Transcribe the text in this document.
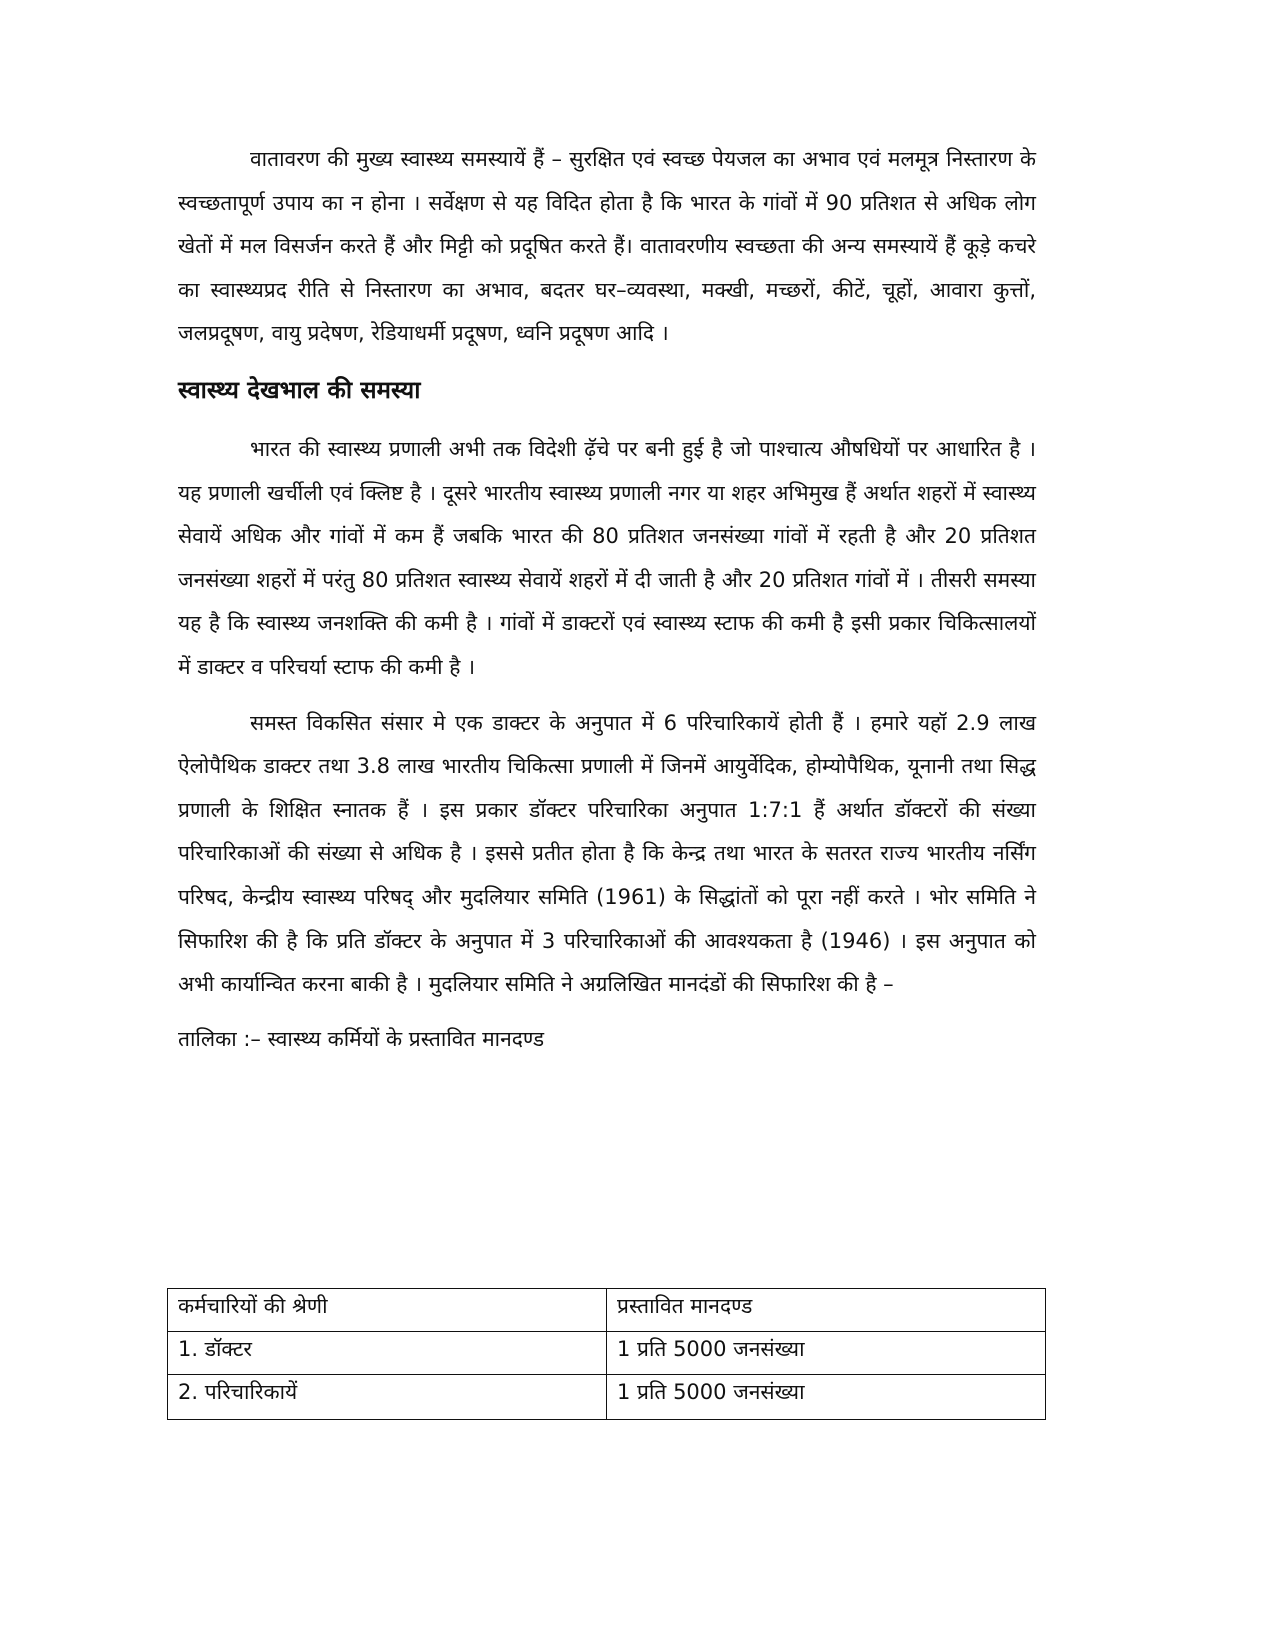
वातावरण की मुख्य स्वास्थ्य समस्यायें हैं – सुरक्षित एवं स्वच्छ पेयजल का अभाव एवं मलमूत्र निस्तारण के स्वच्छतापूर्ण उपाय का न होना । सर्वेक्षण से यह विदित होता है कि भारत के गांवों में 90 प्रतिशत से अधिक लोग खेतों में मल विसर्जन करते हैं और मिट्टी को प्रदूषित करते हैं। वातावरणीय स्वच्छता की अन्य समस्यायें हैं कूड़े कचरे का स्वास्थ्यप्रद रीति से निस्तारण का अभाव, बदतर घर–व्यवस्था, मक्खी, मच्छरों, कीटें, चूहों, आवारा कुत्तों, जलप्रदूषण, वायु प्रदेषण, रेडियाधर्मी प्रदूषण, ध्वनि प्रदूषण आदि ।

स्वास्थ्य देखभाल की समस्या

भारत की स्वास्थ्य प्रणाली अभी तक विदेशी ढ़ॅचे पर बनी हुई है जो पाश्चात्य औषधियों पर आधारित है । यह प्रणाली खर्चीली एवं क्लिष्ट है । दूसरे भारतीय स्वास्थ्य प्रणाली नगर या शहर अभिमुख हैं अर्थात शहरों में स्वास्थ्य सेवायें अधिक और गांवों में कम हैं जबकि भारत की 80 प्रतिशत जनसंख्या गांवों में रहती है और 20 प्रतिशत जनसंख्या शहरों में परंतु 80 प्रतिशत स्वास्थ्य सेवायें शहरों में दी जाती है और 20 प्रतिशत गांवों में । तीसरी समस्या यह है कि स्वास्थ्य जनशक्ति की कमी है । गांवों में डाक्टरों एवं स्वास्थ्य स्टाफ की कमी है इसी प्रकार चिकित्सालयों में डाक्टर व परिचर्या स्टाफ की कमी है ।

समस्त विकसित संसार मे एक डाक्टर के अनुपात में 6 परिचारिकायें होती हैं । हमारे यहॉ 2.9 लाख ऐलोपैथिक डाक्टर तथा 3.8 लाख भारतीय चिकित्सा प्रणाली में जिनमें आयुर्वेदिक, होम्योपैथिक, यूनानी तथा सिद्ध प्रणाली के शिक्षित स्नातक हैं । इस प्रकार डॉक्टर परिचारिका अनुपात 1:7:1 हैं अर्थात डॉक्टरों की संख्या परिचारिकाओं की संख्या से अधिक है । इससे प्रतीत होता है कि केन्द्र तथा भारत के सतरत राज्य भारतीय नर्सिंग परिषद, केन्द्रीय स्वास्थ्य परिषद् और मुदलियार समिति (1961) के सिद्धांतों को पूरा नहीं करते । भोर समिति ने सिफारिश की है कि प्रति डॉक्टर के अनुपात में 3 परिचारिकाओं की आवश्यकता है (1946) । इस अनुपात को अभी कार्यान्वित करना बाकी है । मुदलियार समिति ने अग्रलिखित मानदंडों की सिफारिश की है –

तालिका :– स्वास्थ्य कर्मियों के प्रस्तावित मानदण्ड

कर्मचारियों की श्रेणी	प्रस्तावित मानदण्ड
1. डॉक्टर	1 प्रति 5000 जनसंख्या
2. परिचारिकायें	1 प्रति 5000 जनसंख्या
